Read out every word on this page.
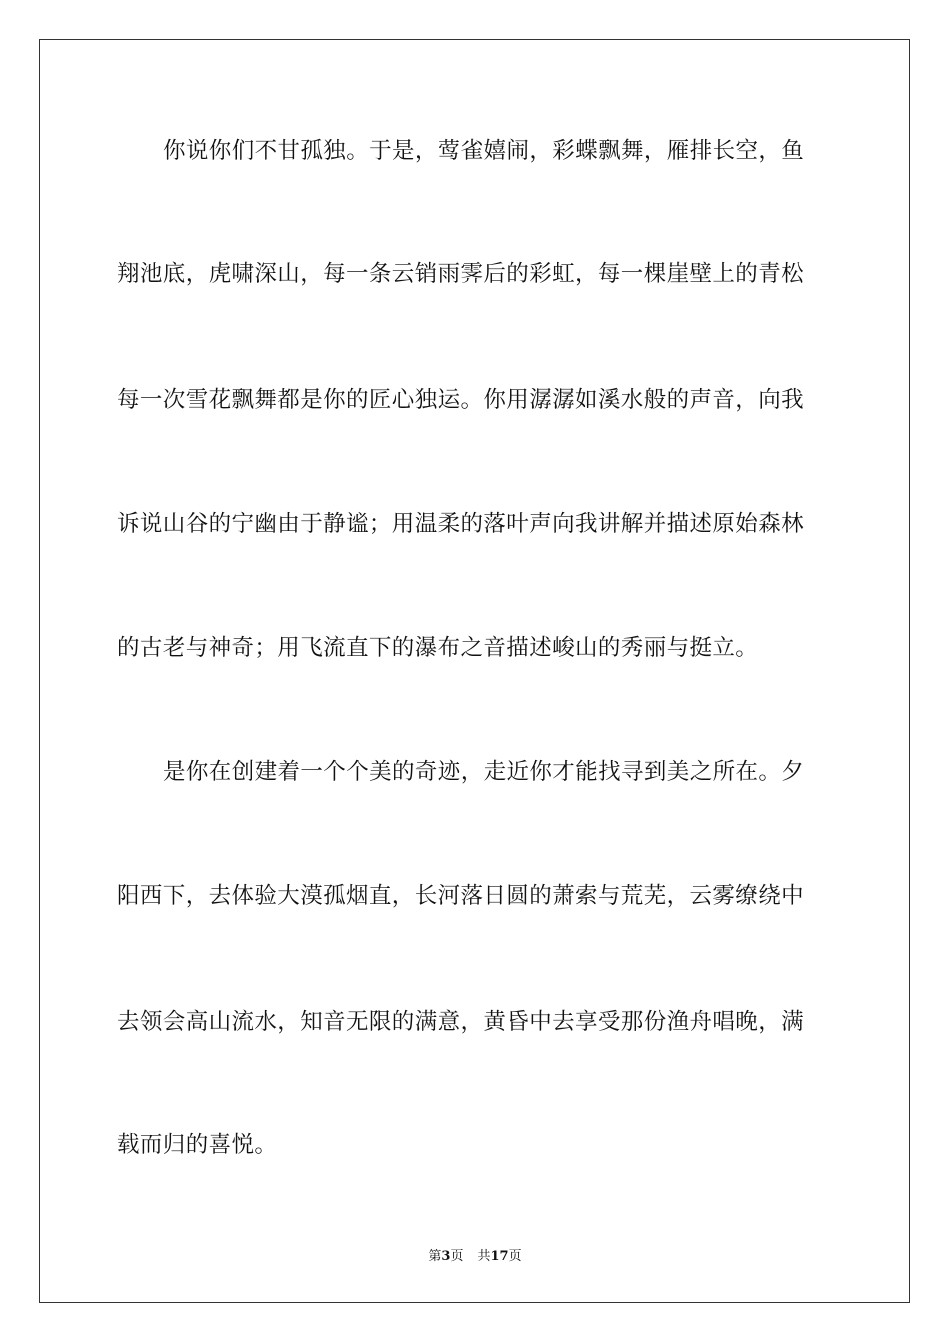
你说你们不甘孤独。于是，莺雀嬉闹，彩蝶飘舞，雁排长空，鱼
翔池底，虎啸深山，每一条云销雨霁后的彩虹，每一棵崖壁上的青松
每一次雪花飘舞都是你的匠心独运。你用潺潺如溪水般的声音，向我
诉说山谷的宁幽由于静谧；用温柔的落叶声向我讲解并描述原始森林
的古老与神奇；用飞流直下的瀑布之音描述峻山的秀丽与挺立。
是你在创建着一个个美的奇迹，走近你才能找寻到美之所在。夕
阳西下，去体验大漠孤烟直，长河落日圆的萧索与荒芜，云雾缭绕中
去领会高山流水，知音无限的满意，黄昏中去享受那份渔舟唱晚，满
载而归的喜悦。
第3页 共17页
